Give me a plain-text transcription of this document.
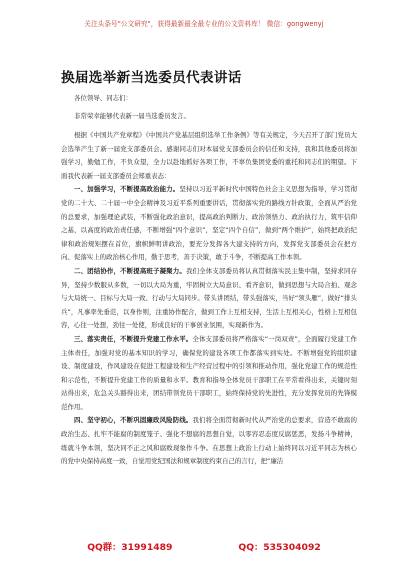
关注头条号"公文研究"，获得最新最全最专业的公文资料库！ 微信：gongwenyj
换届选举新当选委员代表讲话
各位领导、同志们：
非常荣幸能够代表新一届当选委员发言。

根据《中国共产党章程》《中国共产党基层组织选举工作条例》等有关规定，今天召开了部门党员大会选举产生了新一届党支部委员会。感谢同志们对本届党支部委员会的信任和支持，我和其他委员将加强学习，勤勉工作，不负众望，全力以赴地抓好各项工作，不辜负集团党委的重托和同志们的期望。下面我代表新一届支部委员会郑重表态：

一、加强学习，不断提高政治能力。坚持以习近平新时代中国特色社会主义思想为指导，学习贯彻党的二十大、二十届一中全会精神及习近平系列重要讲话，贯彻落实党的路线方针政策，全面从严治党的总要求，加强理论武装，不断强化政治意识，提高政治判断力、政治领悟力、政治执行力，筑牢信仰之基，以高度的政治责任感，不断增强“四个意识”，坚定“四个自信”，做到“两个维护”，始终把政治纪律和政治规矩摆在首位，旗帜鲜明讲政治，要充分发挥各大建支持的方向，发挥党支部委员会在把方向、促落实上的政治核心作用，勤于思考，善于决策，敢于斗争，不断提高工作本领。

二、团结协作，不断提高班子凝聚力。我们全体支部委员将认真贯彻落实民主集中制，坚持求同存异，坚持少数服从多数，一切以大局为重，牢固树立大局意识、看齐意识，做到思想与大局合拍、观念与大局统一、目标与大局一致、行动与大局同步。带头讲团结，带头强落实，当好“领头雁”，做好“排头兵”，凡事率先垂范，以身作则，注重协作配合，做到工作上互相支持，生活上互相关心，性格上互相包容，心往一处想，劲往一处使，形成良好的干事创业氛围，实现新作为。

三、落实责任，不断提升党建工作水平。全体支部委员将严格落实“一岗双责”，全面履行党建工作主体责任，加强对党的基本知识的学习，确保党的建设各项工作都落实到实处。不断增强党的组织建设、制度建设，作风建设在促进工程建设和生产经营过程中的引领和推动作用，强化党建工作的规范性和示范性，不断提升党建工作的质量和水平。教育和指导全体党员干部职工在平常看得出来，关键时刻站得出来，危急关头豁得出来，团结带领党员干部职工，始终保持党的先进性，充分发挥党员的先锋模范作用。

四、坚守初心，不断巩固廉政风险防线。我们将全面贯彻新时代从严治党的总要求，营造不敢腐的政治生态、扎牢不能腐的制度笼子、强化不想腐的思想自觉，以零容忍态度反腐惩恶，发扬斗争精神，练就斗争本领，坚决同不正之风和腐败现象作斗争。在思想上政治上行动上始终同以习近平同志为核心的党中央保持高度一致，自觉用党纪国法和规章制度约束自己的言行，把“廉洁

QQ群：31991489	QQ：535304092
